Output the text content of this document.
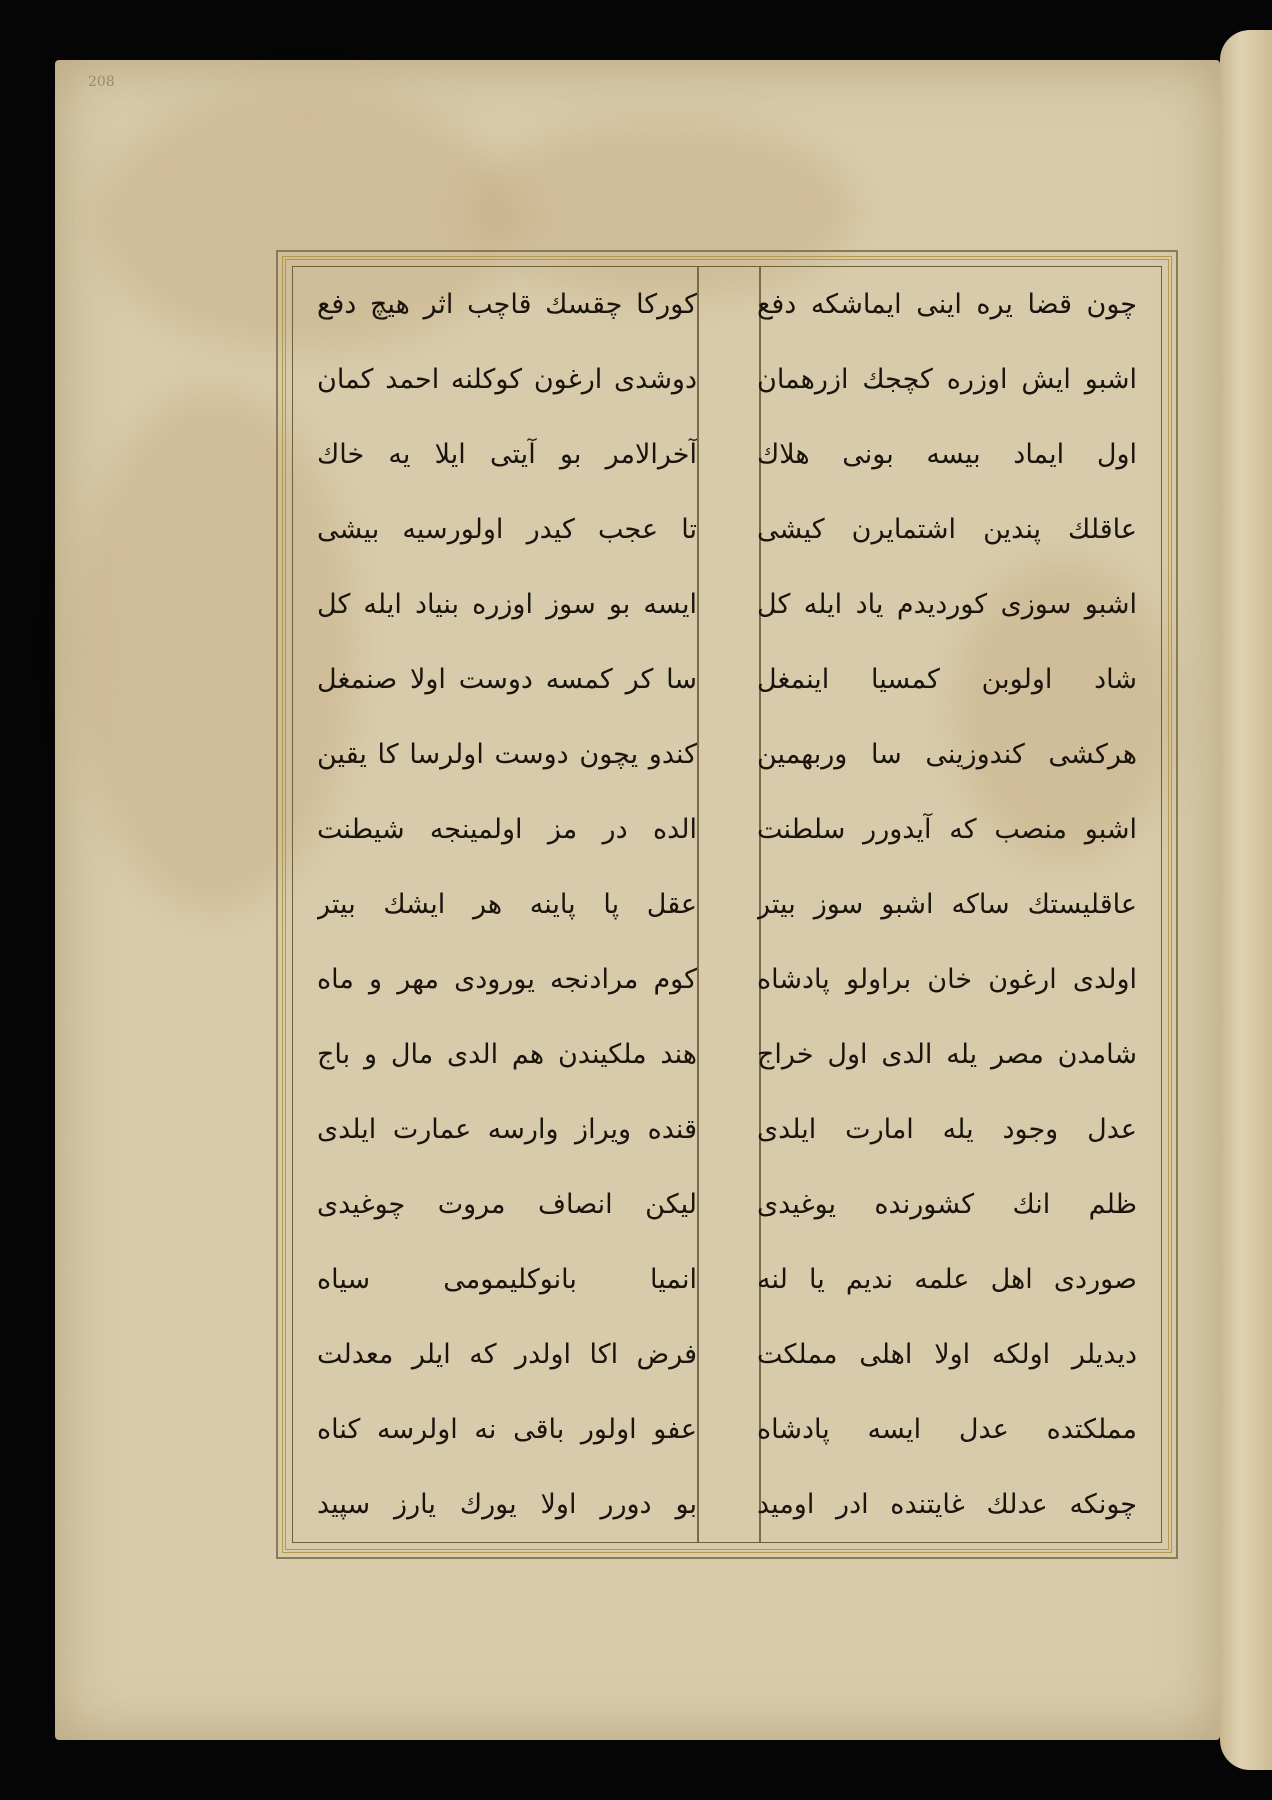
208
چون قضا یره اینی ایماشکه دفع
اشبو ایش اوزره کچجك ازرهمان
اول ایماد بیسه بونی هلاك
عاقلك پندین اشتمایرن کیشی
اشبو سوزی کوردیدم یاد ایله کل
شاد اولوبن کمسیا اینمغل
هرکشی کندوزینی سا وربهمین
اشبو منصب که آیدورر سلطنت
عاقلیستك ساکه اشبو سوز بیتر
اولدی ارغون خان براولو پادشاه
شامدن مصر یله الدی اول خراج
عدل وجود یله امارت ایلدی
ظلم انك کشورنده یوغیدی
صوردی اهل علمه ندیم یا لنه
دیدیلر اولکه اولا اهلی مملکت
مملکتده عدل ایسه پادشاه
چونکه عدلك غایتنده ادر اومید
کورکا چقسك قاچب اثر هیچ دفع
دوشدی ارغون کوکلنه احمد کمان
آخرالامر بو آیتی ایلا یه خاك
تا عجب کیدر اولورسیه بیشی
ایسه بو سوز اوزره بنیاد ایله کل
سا کر کمسه دوست اولا صنمغل
کندو یچون دوست اولرسا کا یقین
الده در مز اولمینجه شیطنت
عقل پا پاینه هر ایشك بیتر
کوم مرادنجه یورودی مهر و ماه
هند ملکیندن هم الدی مال و باج
قنده ویراز وارسه عمارت ایلدی
لیکن انصاف مروت چوغیدی
انمیا بانوکلیمومی سیاه
فرض اکا اولدر که ایلر معدلت
عفو اولور باقی نه اولرسه کناه
بو دورر اولا یورك یارز سپید
